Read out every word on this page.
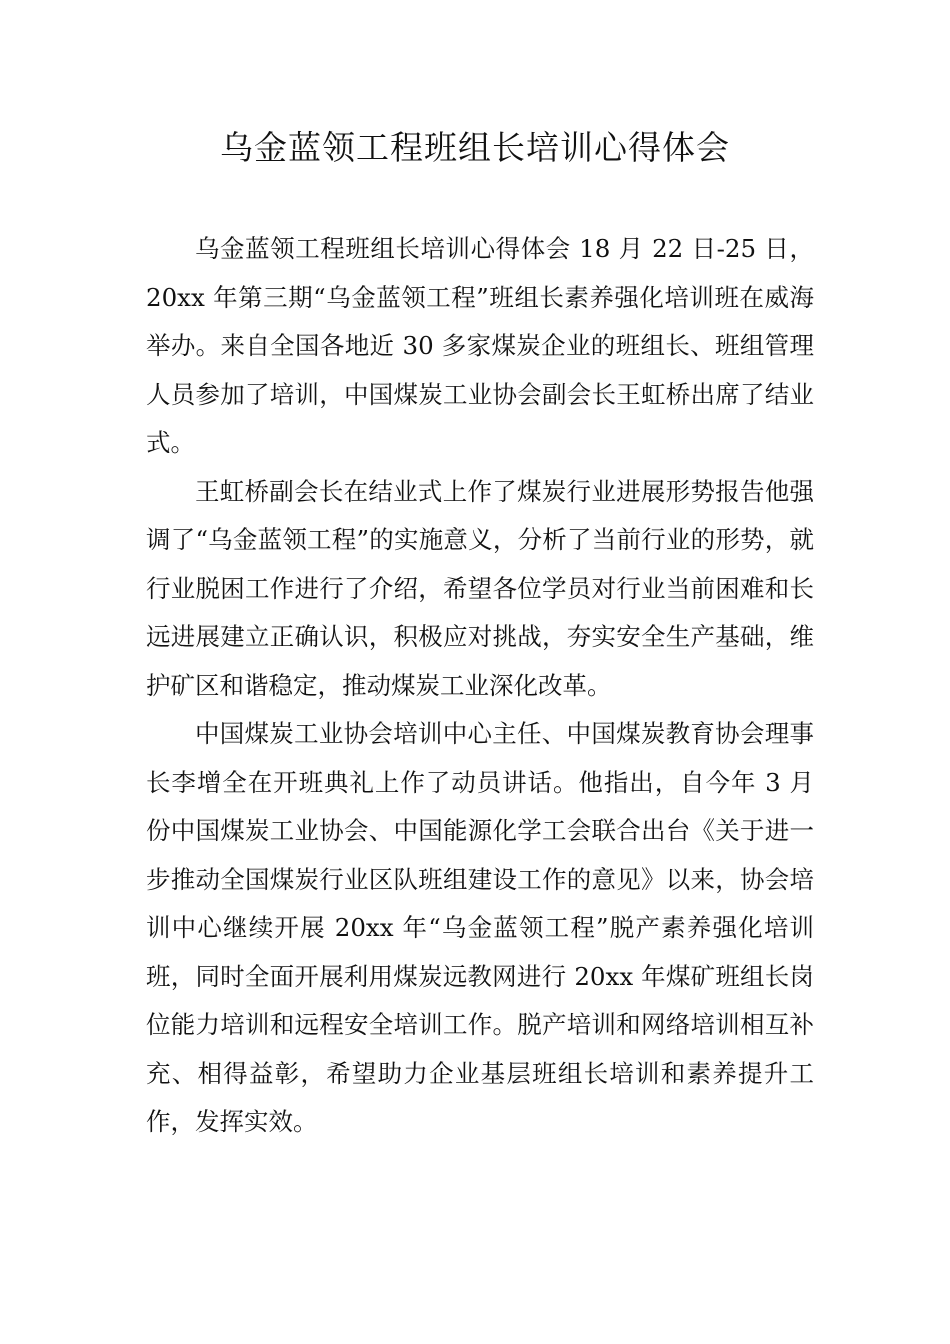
乌金蓝领工程班组长培训心得体会

乌金蓝领工程班组长培训心得体会 18 月 22 日-25 日，20xx 年第三期“乌金蓝领工程”班组长素养强化培训班在威海举办。来自全国各地近 30 多家煤炭企业的班组长、班组管理人员参加了培训，中国煤炭工业协会副会长王虹桥出席了结业式。

王虹桥副会长在结业式上作了煤炭行业进展形势报告他强调了“乌金蓝领工程”的实施意义，分析了当前行业的形势，就行业脱困工作进行了介绍，希望各位学员对行业当前困难和长远进展建立正确认识，积极应对挑战，夯实安全生产基础，维护矿区和谐稳定，推动煤炭工业深化改革。

中国煤炭工业协会培训中心主任、中国煤炭教育协会理事长李增全在开班典礼上作了动员讲话。他指出，自今年 3 月份中国煤炭工业协会、中国能源化学工会联合出台《关于进一步推动全国煤炭行业区队班组建设工作的意见》以来，协会培训中心继续开展 20xx 年“乌金蓝领工程”脱产素养强化培训班，同时全面开展利用煤炭远教网进行 20xx 年煤矿班组长岗位能力培训和远程安全培训工作。脱产培训和网络培训相互补充、相得益彰，希望助力企业基层班组长培训和素养提升工作，发挥实效。
